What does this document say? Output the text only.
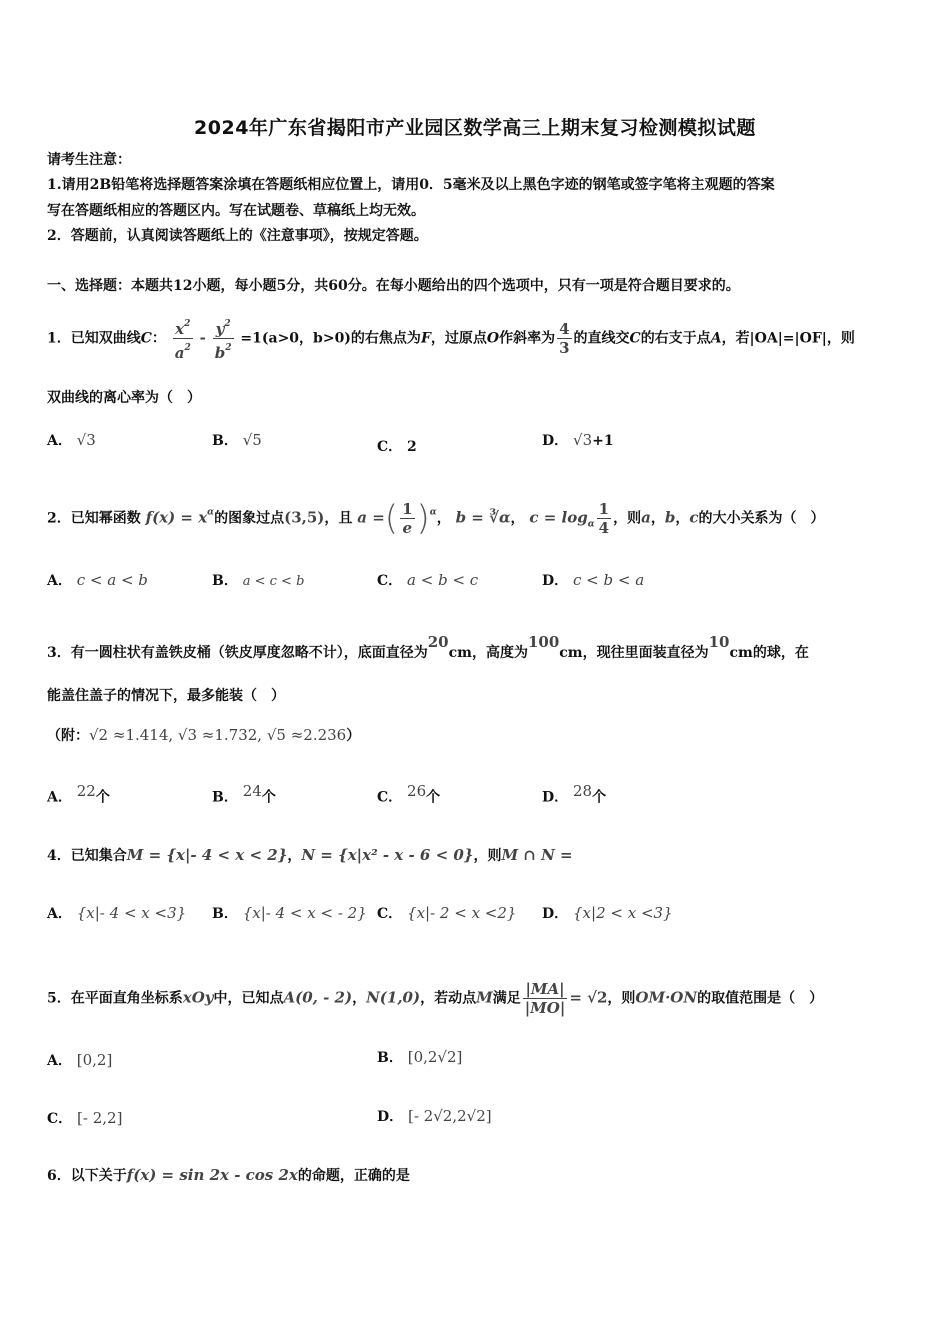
2024年广东省揭阳市产业园区数学高三上期末复习检测模拟试题
请考生注意：
1.请用2B铅笔将选择题答案涂填在答题纸相应位置上，请用0．5毫米及以上黑色字迹的钢笔或签字笔将主观题的答案
写在答题纸相应的答题区内。写在试题卷、草稿纸上均无效。
2．答题前，认真阅读答题纸上的《注意事项》，按规定答题。
一、选择题：本题共12小题，每小题5分，共60分。在每小题给出的四个选项中，只有一项是符合题目要求的。
1．已知双曲线C： $\frac{x^2}{a^2} - \frac{y^2}{b^2} =1(a>0$，b>0)的右焦点为F，过原点O作斜率为 $\frac{4}{3}$ 的直线交C的右支于点A，若|OA|=|OF|，则
双曲线的离心率为（　）
A． √3	B． √5	C． 2	D． √3+1
2．已知幂函数 $f(x) = x^\alpha$的图象过点(3,5)，且 a =( $\frac{1}{e} )^\alpha$， b = ∛α， $c = \log_\alpha \frac{1}{4}$ ，则a，b，c的大小关系为（　）
A． c < a < b	B． a < c < b	C． a < b < c	D． c < b < a
3．有一圆柱状有盖铁皮桶（铁皮厚度忽略不计），底面直径为$^{20}$cm，高度为$^{100}$cm，现往里面装直径为$^{10}$cm的球，在
能盖住盖子的情况下，最多能装（　）
（附：√2 ≈1.414, √3 ≈1.732, √5 ≈2.236）
A． $^{22}$个	B． $^{24}$个	C． $^{26}$个	D． $^{28}$个
4．已知集合M = {x|- 4 < x < 2}，N = {x|x² - x - 6 < 0}，则M ∩ N =
A． {x|- 4 < x <3} B． {x|- 4 < x < - 2} C． {x|- 2 < x <2} D． {x|2 < x <3}
5．在平面直角坐标系xOy中，已知点A(0, - 2)，N(1,0)，若动点M满足 $\frac{|MA|}{|MO|} = √2$，则OM·ON的取值范围是（　）
A． [0,2]	B． [0,2√2]
C． [- 2,2]	D． [- 2√2,2√2]
6．以下关于f(x) = sin 2x - cos 2x的命题，正确的是
